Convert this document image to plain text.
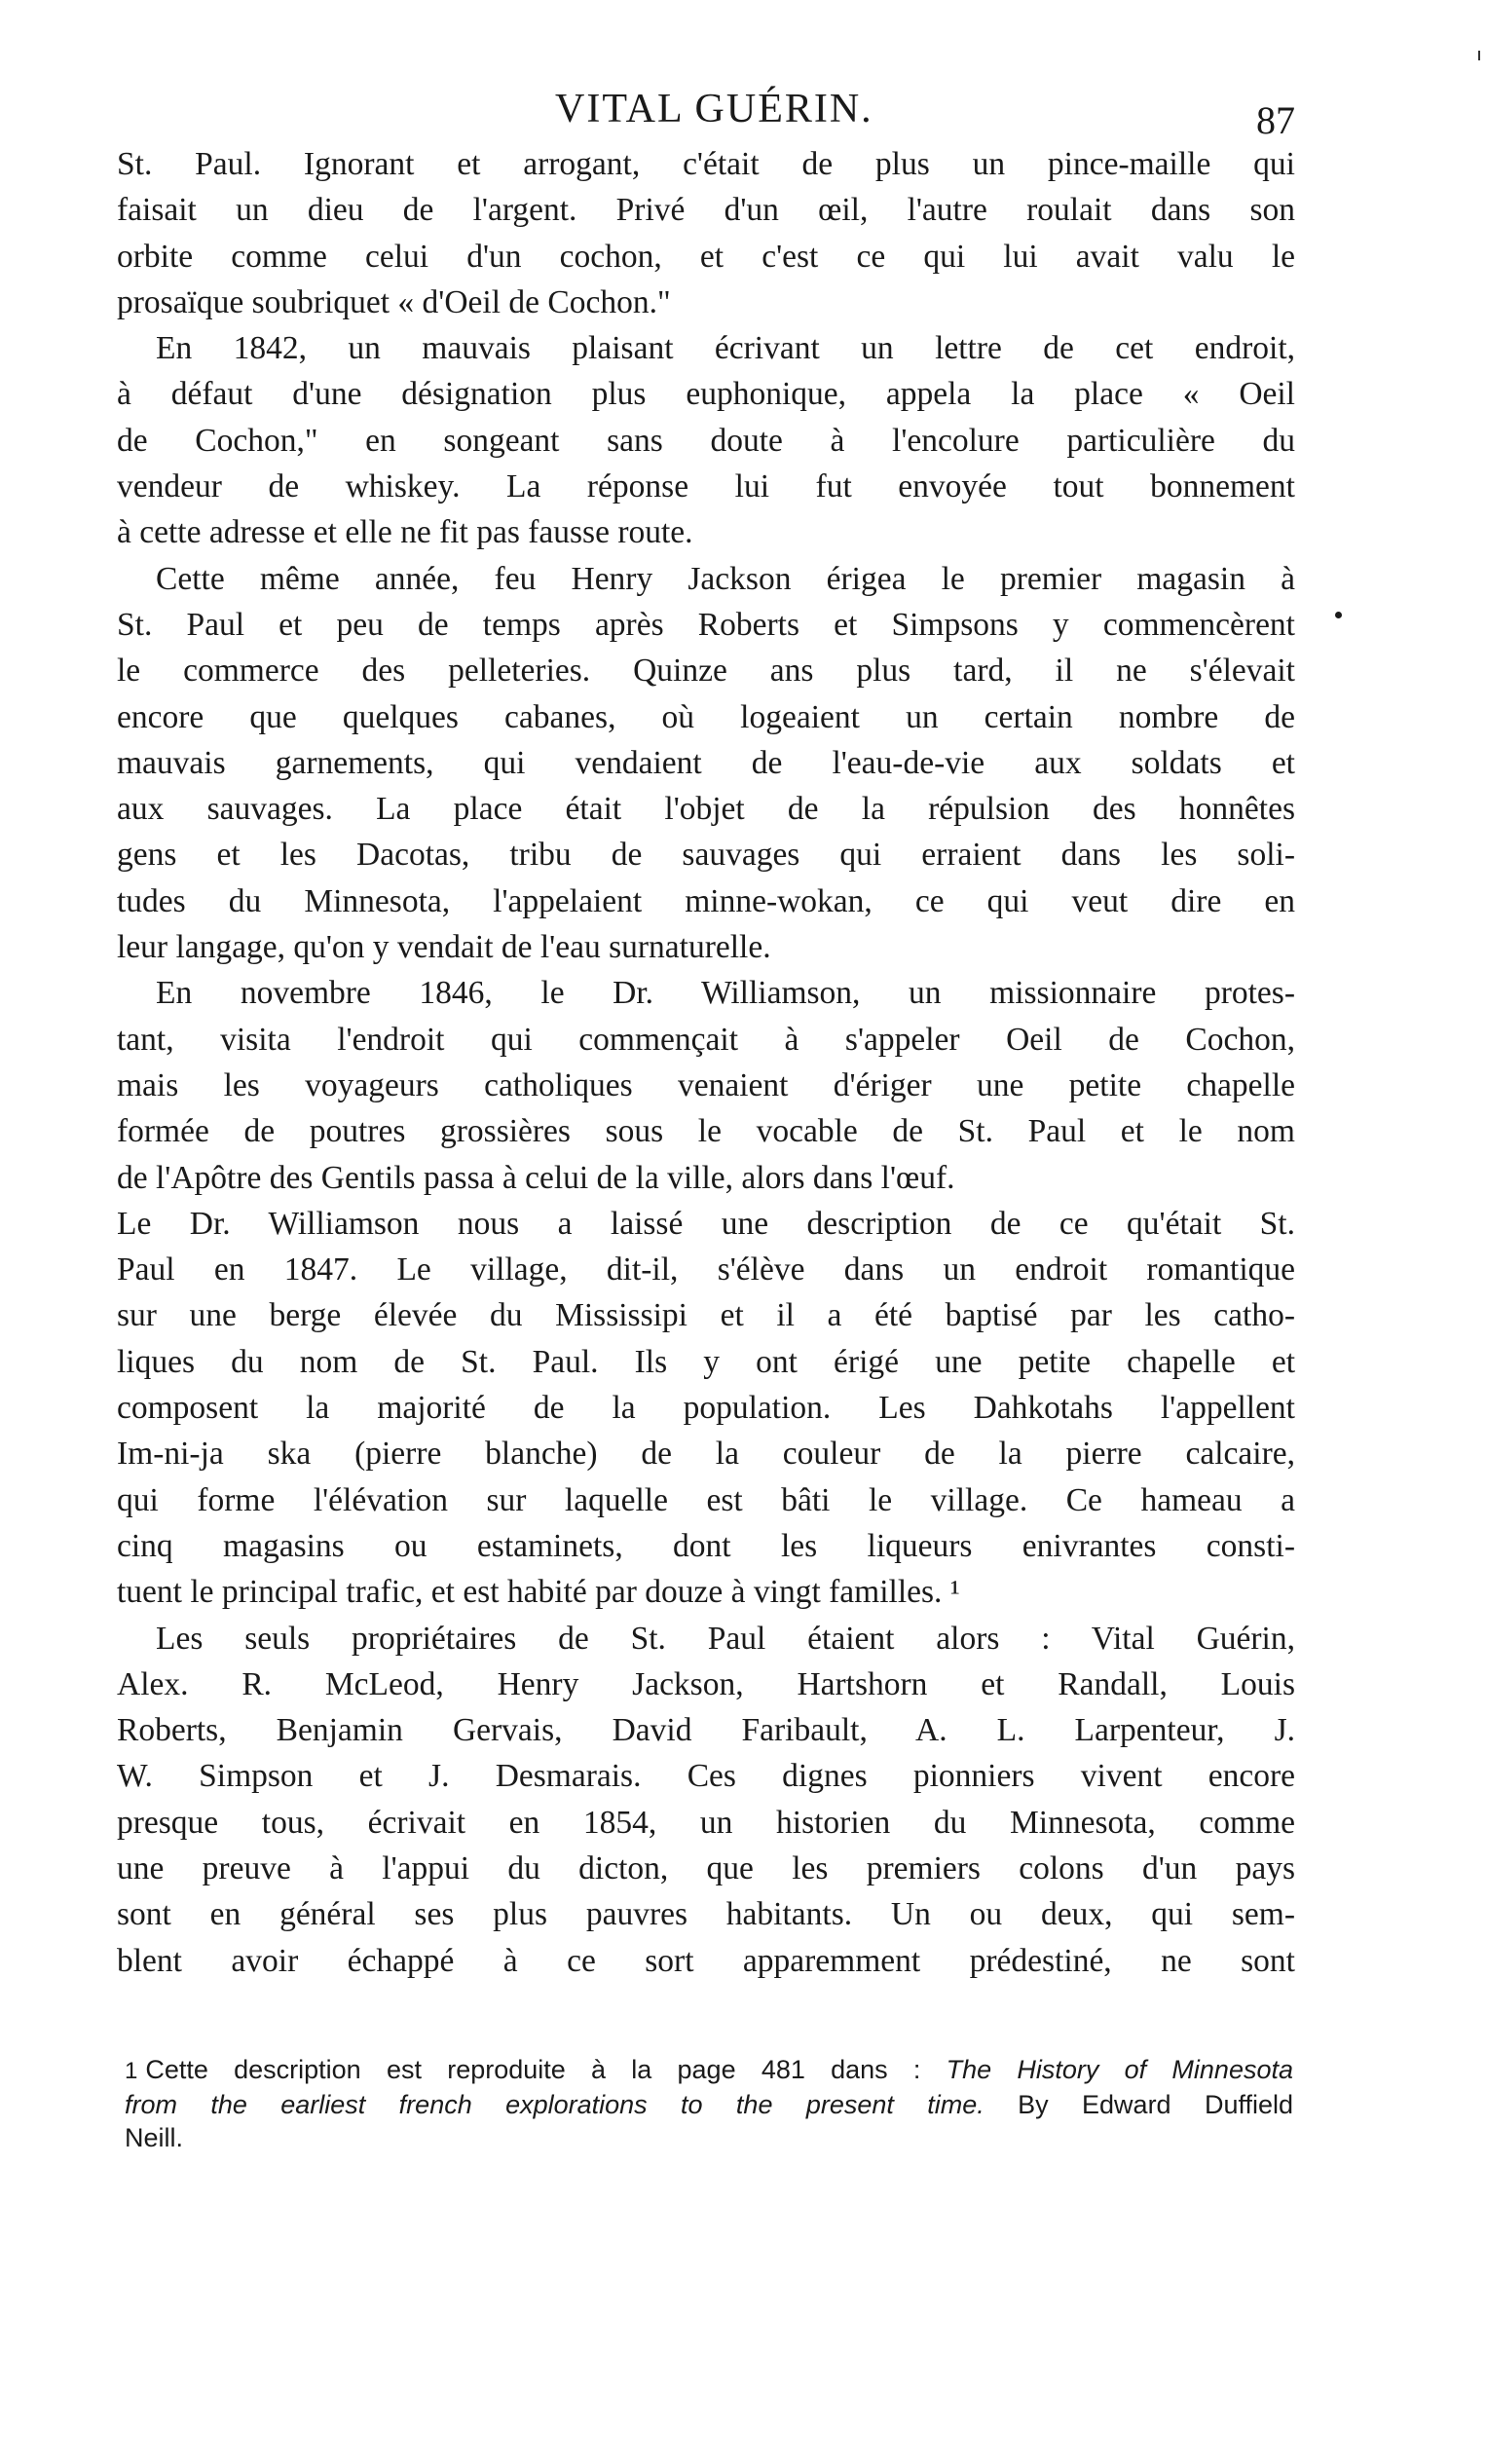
VITAL GUÉRIN.	87
St. Paul. Ignorant et arrogant, c'était de plus un pince-maille qui
faisait un dieu de l'argent. Privé d'un œil, l'autre roulait dans son
orbite comme celui d'un cochon, et c'est ce qui lui avait valu le
prosaïque soubriquet « d'Oeil de Cochon."
En 1842, un mauvais plaisant écrivant un lettre de cet endroit,
à défaut d'une désignation plus euphonique, appela la place « Oeil
de Cochon," en songeant sans doute à l'encolure particulière du
vendeur de whiskey. La réponse lui fut envoyée tout bonnement
à cette adresse et elle ne fit pas fausse route.
Cette même année, feu Henry Jackson érigea le premier magasin à
St. Paul et peu de temps après Roberts et Simpsons y commencèrent
le commerce des pelleteries. Quinze ans plus tard, il ne s'élevait
encore que quelques cabanes, où logeaient un certain nombre de
mauvais garnements, qui vendaient de l'eau-de-vie aux soldats et
aux sauvages. La place était l'objet de la répulsion des honnêtes
gens et les Dacotas, tribu de sauvages qui erraient dans les soli-
tudes du Minnesota, l'appelaient minne-wokan, ce qui veut dire en
leur langage, qu'on y vendait de l'eau surnaturelle.
En novembre 1846, le Dr. Williamson, un missionnaire protes-
tant, visita l'endroit qui commençait à s'appeler Oeil de Cochon,
mais les voyageurs catholiques venaient d'ériger une petite chapelle
formée de poutres grossières sous le vocable de St. Paul et le nom
de l'Apôtre des Gentils passa à celui de la ville, alors dans l'œuf.
Le Dr. Williamson nous a laissé une description de ce qu'était St.
Paul en 1847. Le village, dit-il, s'élève dans un endroit romantique
sur une berge élevée du Mississipi et il a été baptisé par les catho-
liques du nom de St. Paul. Ils y ont érigé une petite chapelle et
composent la majorité de la population. Les Dahkotahs l'appellent
Im-ni-ja ska (pierre blanche) de la couleur de la pierre calcaire,
qui forme l'élévation sur laquelle est bâti le village. Ce hameau a
cinq magasins ou estaminets, dont les liqueurs enivrantes consti-
tuent le principal trafic, et est habité par douze à vingt familles. ¹
Les seuls propriétaires de St. Paul étaient alors : Vital Guérin,
Alex. R. McLeod, Henry Jackson, Hartshorn et Randall, Louis
Roberts, Benjamin Gervais, David Faribault, A. L. Larpenteur, J.
W. Simpson et J. Desmarais. Ces dignes pionniers vivent encore
presque tous, écrivait en 1854, un historien du Minnesota, comme
une preuve à l'appui du dicton, que les premiers colons d'un pays
sont en général ses plus pauvres habitants. Un ou deux, qui sem-
blent avoir échappé à ce sort apparemment prédestiné, ne sont
1 Cette description est reproduite à la page 481 dans : The History of Minnesota
from the earliest french explorations to the present time. By Edward Duffield
Neill.
